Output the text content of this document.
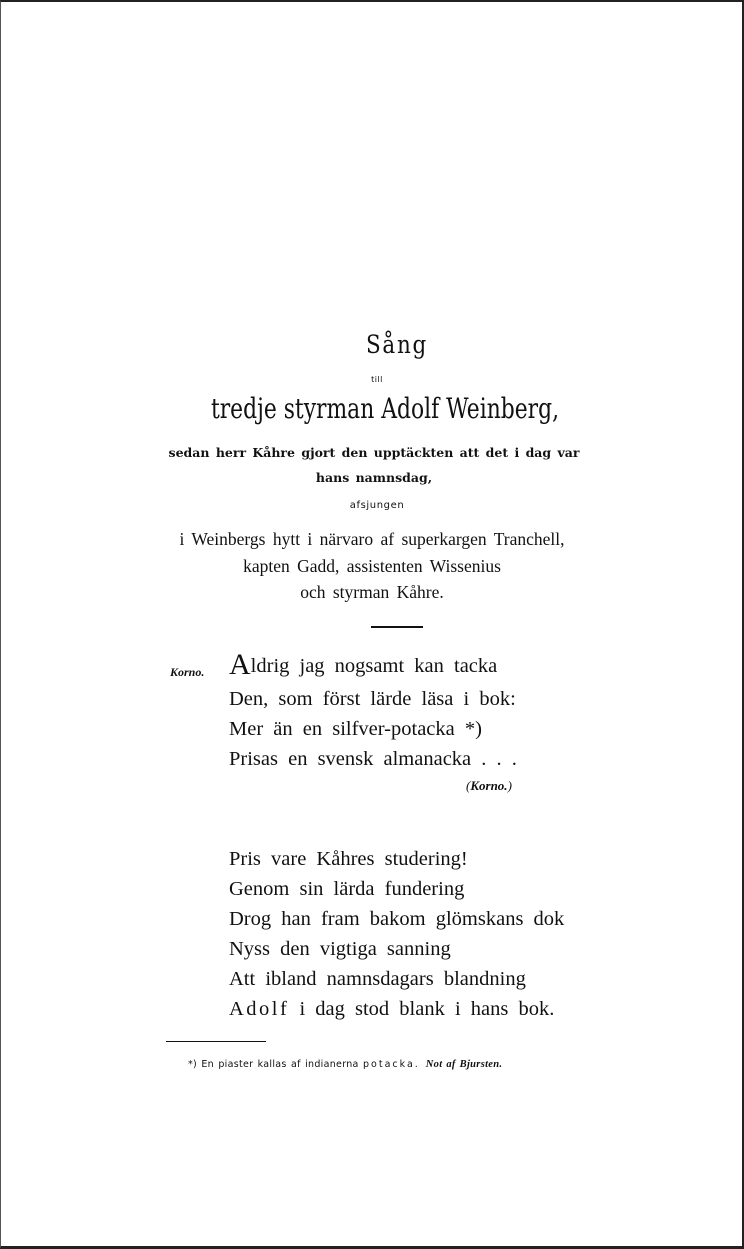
Sång
till
tredje styrman Adolf Weinberg,
sedan herr Kåhre gjort den upptäckten att det i dag var
hans namnsdag,
afsjungen
i Weinbergs hytt i närvaro af superkargen Tranchell,
kapten Gadd, assistenten Wissenius
och styrman Kåhre.
Korno. Aldrig jag nogsamt kan tacka
Den, som först lärde läsa i bok:
Mer än en silfver-potacka *)
Prisas en svensk almanacka . . .
(Korno.)
Pris vare Kåhres studering!
Genom sin lärda fundering
Drog han fram bakom glömskans dok
Nyss den vigtiga sanning
Att ibland namnsdagars blandning
Adolf i dag stod blank i hans bok.
*) En piaster kallas af indianerna potacka. Not af Bjursten.
